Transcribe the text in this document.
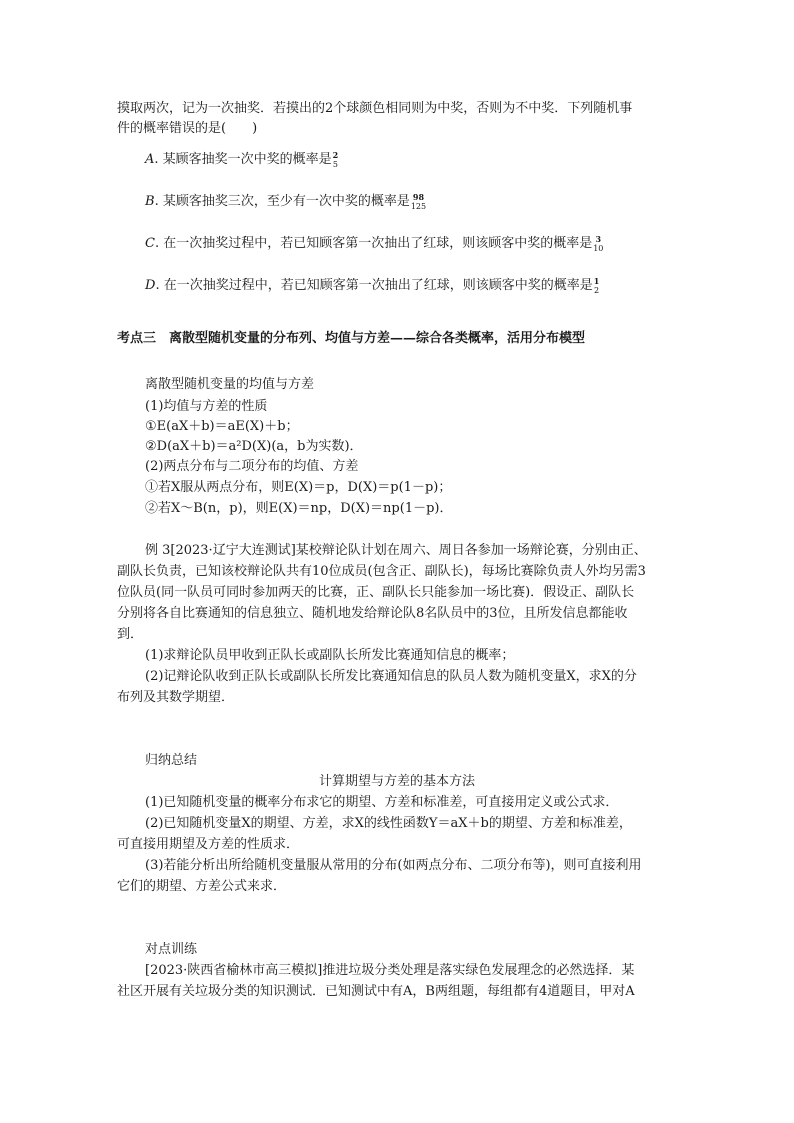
摸取两次，记为一次抽奖．若摸出的2个球颜色相同则为中奖，否则为不中奖．下列随机事
件的概率错误的是(　　)
A. 某顾客抽奖一次中奖的概率是 2
5
B. 某顾客抽奖三次，至少有一次中奖的概率是 98
125
C. 在一次抽奖过程中，若已知顾客第一次抽出了红球，则该顾客中奖的概率是 3
10
D. 在一次抽奖过程中，若已知顾客第一次抽出了红球，则该顾客中奖的概率是 1
2
考点三　离散型随机变量的分布列、均值与方差——综合各类概率，活用分布模型
离散型随机变量的均值与方差
(1)均值与方差的性质
①E(aX＋b)＝aE(X)＋b；
②D(aX＋b)＝a²D(X)(a，b为实数)．
(2)两点分布与二项分布的均值、方差
①若X服从两点分布，则E(X)＝p，D(X)＝p(1－p)；
②若X～B(n，p)，则E(X)＝np，D(X)＝np(1－p)．
例 3[2023·辽宁大连测试]某校辩论队计划在周六、周日各参加一场辩论赛，分别由正、
副队长负责，已知该校辩论队共有10位成员(包含正、副队长)，每场比赛除负责人外均另需3
位队员(同一队员可同时参加两天的比赛，正、副队长只能参加一场比赛)．假设正、副队长
分别将各自比赛通知的信息独立、随机地发给辩论队8名队员中的3位，且所发信息都能收
到．
(1)求辩论队员甲收到正队长或副队长所发比赛通知信息的概率；
(2)记辩论队收到正队长或副队长所发比赛通知信息的队员人数为随机变量X，求X的分
布列及其数学期望．
归纳总结
计算期望与方差的基本方法
(1)已知随机变量的概率分布求它的期望、方差和标准差，可直接用定义或公式求．
(2)已知随机变量X的期望、方差，求X的线性函数Y＝aX＋b的期望、方差和标准差，
可直接用期望及方差的性质求．
(3)若能分析出所给随机变量服从常用的分布(如两点分布、二项分布等)，则可直接利用
它们的期望、方差公式来求．
对点训练
[2023·陕西省榆林市高三模拟]推进垃圾分类处理是落实绿色发展理念的必然选择．某
社区开展有关垃圾分类的知识测试．已知测试中有A，B两组题，每组都有4道题目，甲对A
